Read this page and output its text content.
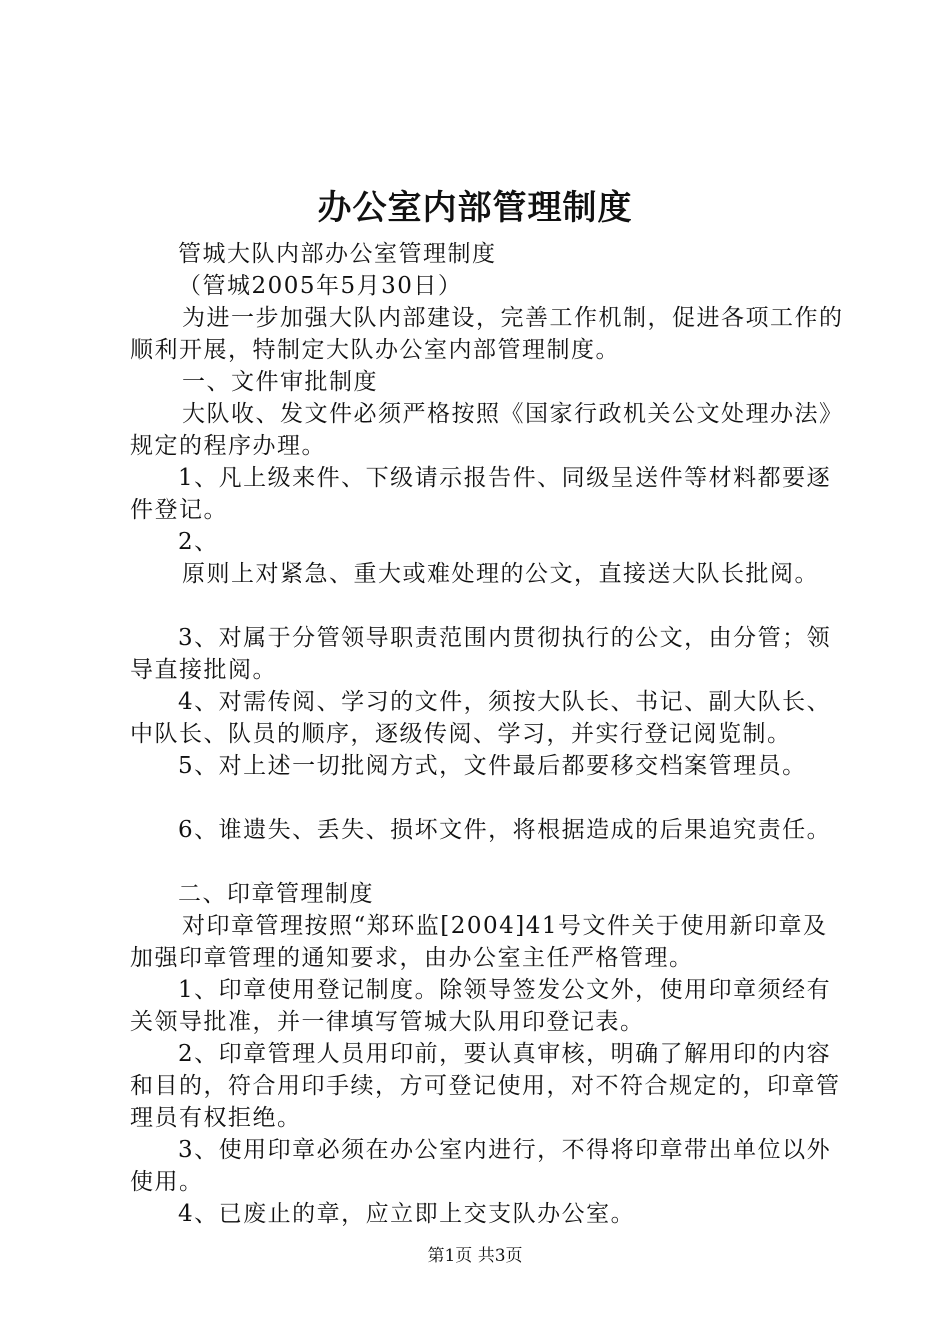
办公室内部管理制度

管城大队内部办公室管理制度

（管城2005年5月30日）

为进一步加强大队内部建设，完善工作机制，促进各项工作的顺利开展，特制定大队办公室内部管理制度。

一、文件审批制度

大队收、发文件必须严格按照《国家行政机关公文处理办法》规定的程序办理。

1、凡上级来件、下级请示报告件、同级呈送件等材料都要逐件登记。

2、

原则上对紧急、重大或难处理的公文，直接送大队长批阅。

3、对属于分管领导职责范围内贯彻执行的公文，由分管；领导直接批阅。

4、对需传阅、学习的文件，须按大队长、书记、副大队长、中队长、队员的顺序，逐级传阅、学习，并实行登记阅览制。

5、对上述一切批阅方式，文件最后都要移交档案管理员。

6、谁遗失、丢失、损坏文件，将根据造成的后果追究责任。

二、印章管理制度

对印章管理按照“郑环监[2004]41号文件关于使用新印章及加强印章管理的通知要求，由办公室主任严格管理。

1、印章使用登记制度。除领导签发公文外，使用印章须经有关领导批准，并一律填写管城大队用印登记表。

2、印章管理人员用印前，要认真审核，明确了解用印的内容和目的，符合用印手续，方可登记使用，对不符合规定的，印章管理员有权拒绝。

3、使用印章必须在办公室内进行，不得将印章带出单位以外使用。

4、已废止的章，应立即上交支队办公室。

第1页 共3页
